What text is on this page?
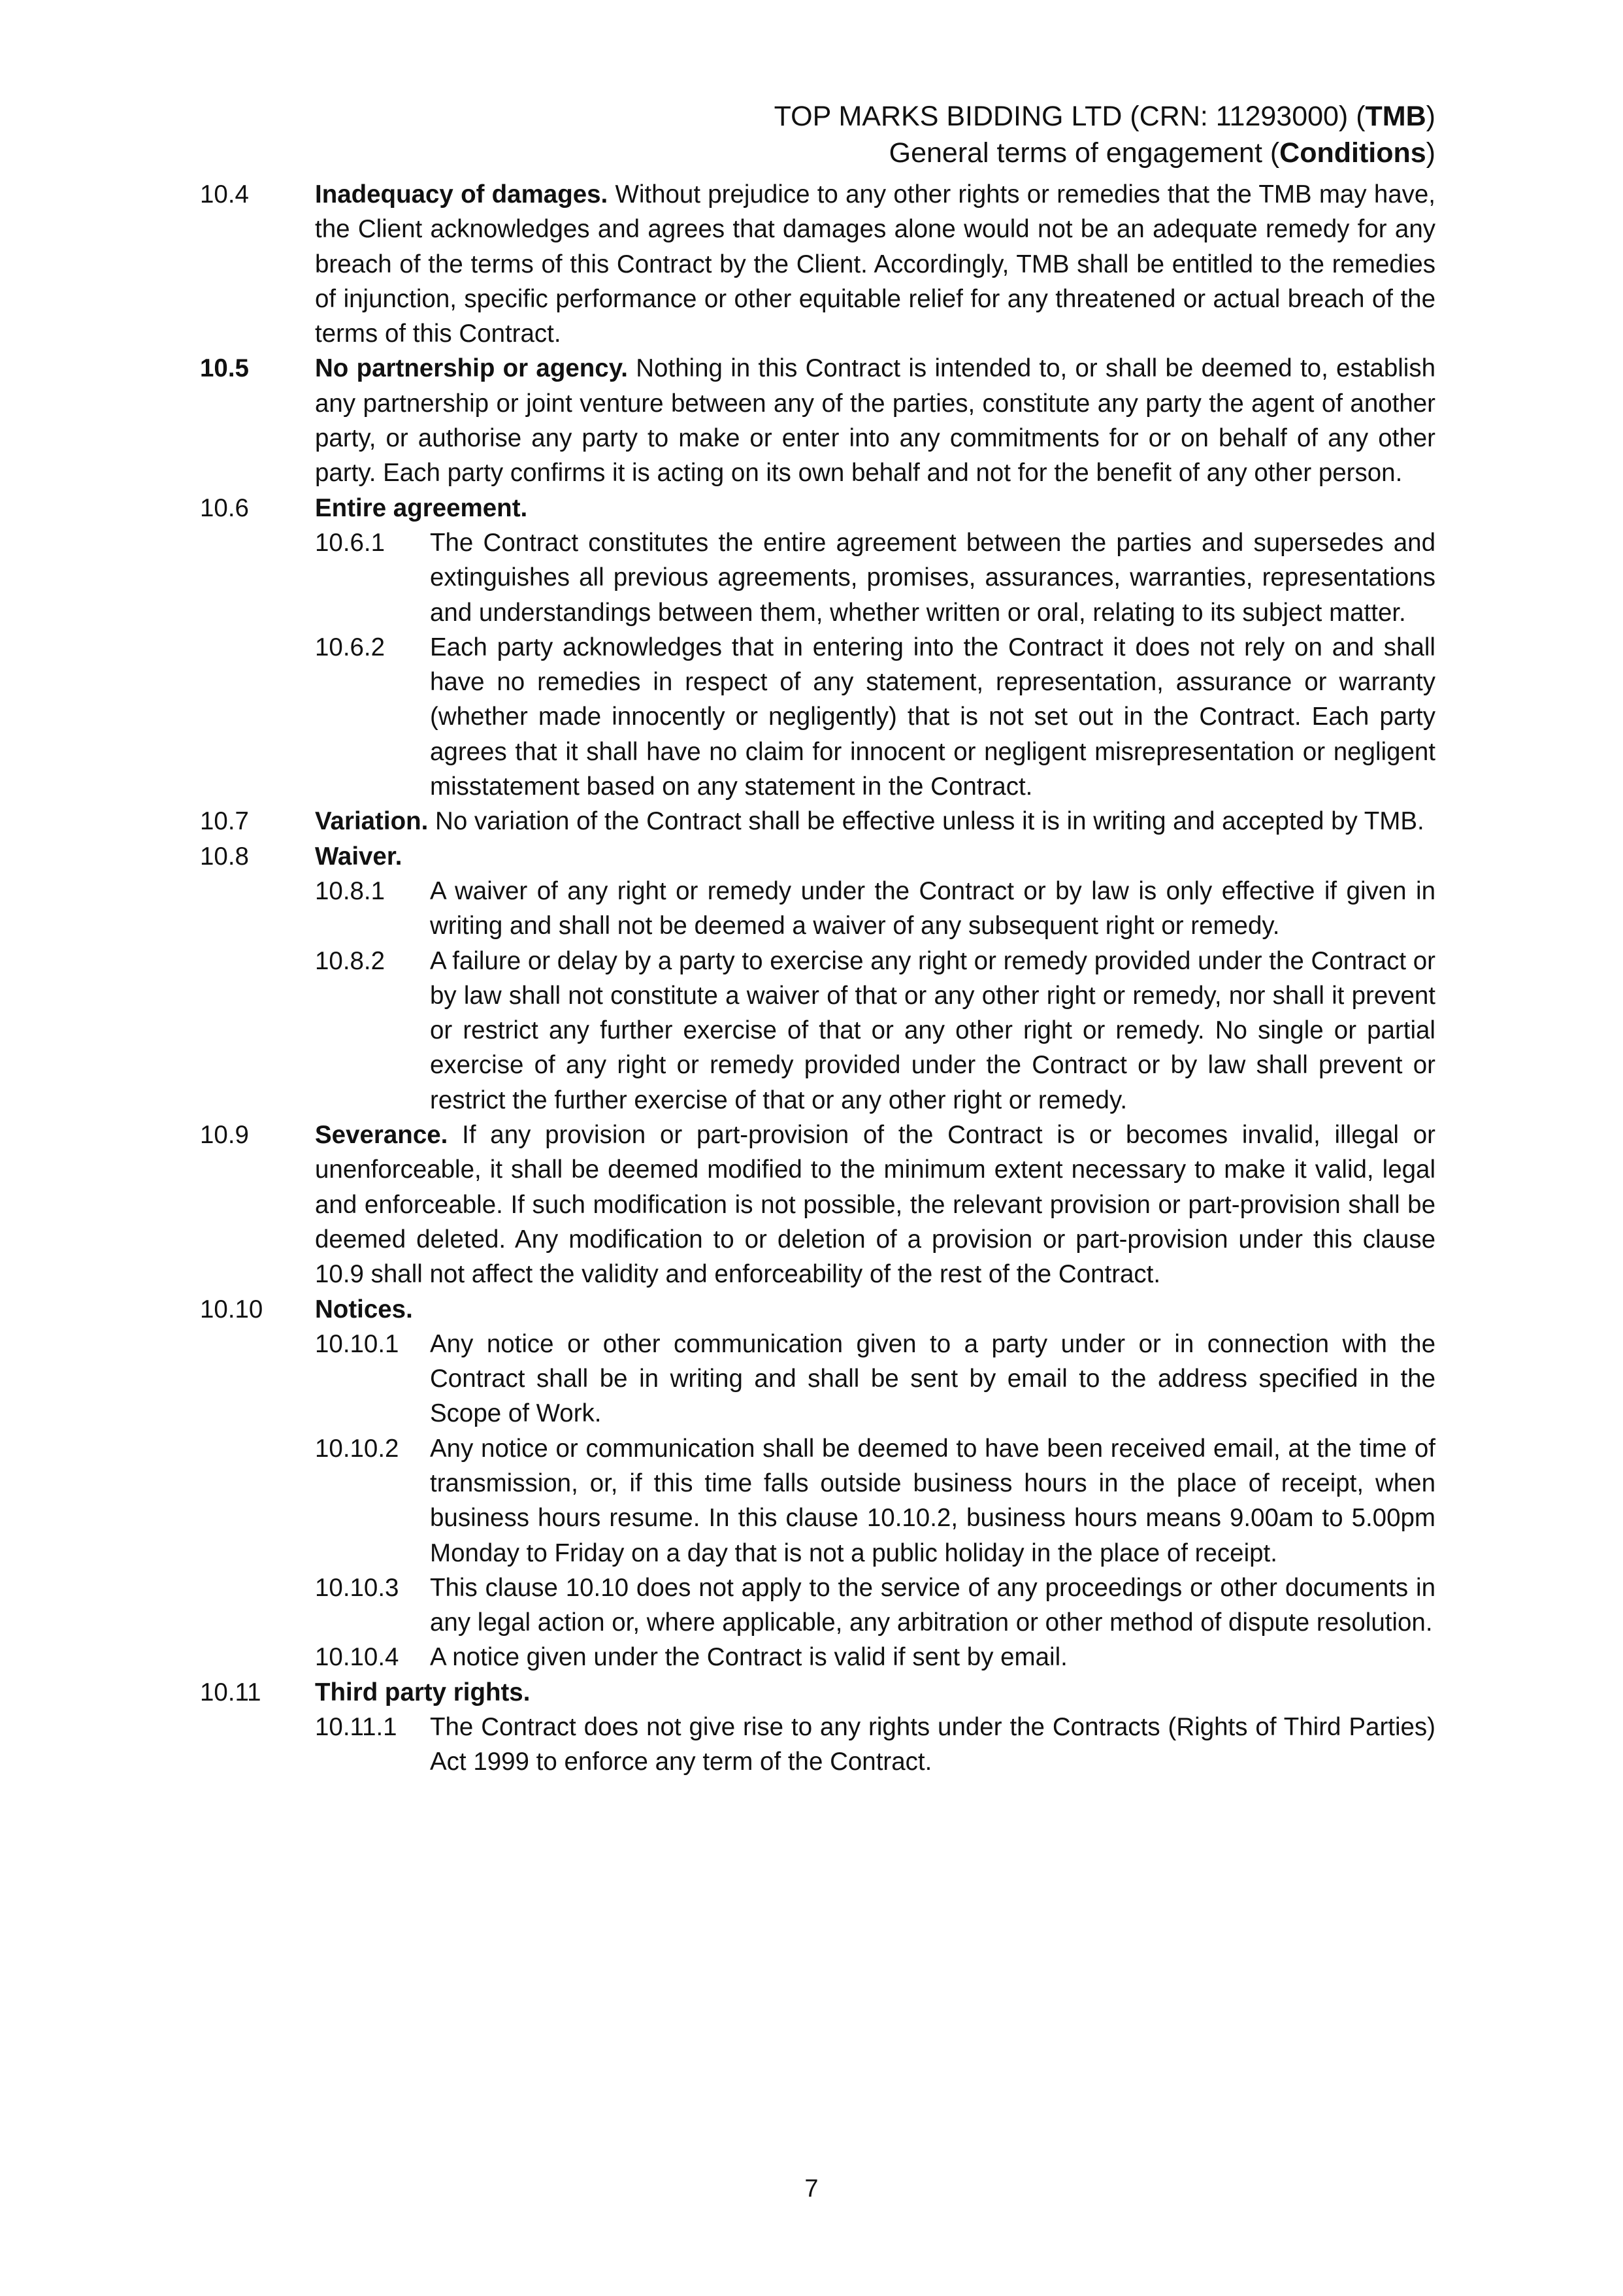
TOP MARKS BIDDING LTD (CRN: 11293000) (TMB)
General terms of engagement (Conditions)
10.4	Inadequacy of damages. Without prejudice to any other rights or remedies that the TMB may have, the Client acknowledges and agrees that damages alone would not be an adequate remedy for any breach of the terms of this Contract by the Client. Accordingly, TMB shall be entitled to the remedies of injunction, specific performance or other equitable relief for any threatened or actual breach of the terms of this Contract.
10.5	No partnership or agency. Nothing in this Contract is intended to, or shall be deemed to, establish any partnership or joint venture between any of the parties, constitute any party the agent of another party, or authorise any party to make or enter into any commitments for or on behalf of any other party. Each party confirms it is acting on its own behalf and not for the benefit of any other person.
10.6	Entire agreement.
10.6.1	The Contract constitutes the entire agreement between the parties and supersedes and extinguishes all previous agreements, promises, assurances, warranties, representations and understandings between them, whether written or oral, relating to its subject matter.
10.6.2	Each party acknowledges that in entering into the Contract it does not rely on and shall have no remedies in respect of any statement, representation, assurance or warranty (whether made innocently or negligently) that is not set out in the Contract. Each party agrees that it shall have no claim for innocent or negligent misrepresentation or negligent misstatement based on any statement in the Contract.
10.7	Variation. No variation of the Contract shall be effective unless it is in writing and accepted by TMB.
10.8	Waiver.
10.8.1	A waiver of any right or remedy under the Contract or by law is only effective if given in writing and shall not be deemed a waiver of any subsequent right or remedy.
10.8.2	A failure or delay by a party to exercise any right or remedy provided under the Contract or by law shall not constitute a waiver of that or any other right or remedy, nor shall it prevent or restrict any further exercise of that or any other right or remedy. No single or partial exercise of any right or remedy provided under the Contract or by law shall prevent or restrict the further exercise of that or any other right or remedy.
10.9	Severance. If any provision or part-provision of the Contract is or becomes invalid, illegal or unenforceable, it shall be deemed modified to the minimum extent necessary to make it valid, legal and enforceable. If such modification is not possible, the relevant provision or part-provision shall be deemed deleted. Any modification to or deletion of a provision or part-provision under this clause 10.9 shall not affect the validity and enforceability of the rest of the Contract.
10.10	Notices.
10.10.1	Any notice or other communication given to a party under or in connection with the Contract shall be in writing and shall be sent by email to the address specified in the Scope of Work.
10.10.2	Any notice or communication shall be deemed to have been received email, at the time of transmission, or, if this time falls outside business hours in the place of receipt, when business hours resume. In this clause 10.10.2, business hours means 9.00am to 5.00pm Monday to Friday on a day that is not a public holiday in the place of receipt.
10.10.3	This clause 10.10 does not apply to the service of any proceedings or other documents in any legal action or, where applicable, any arbitration or other method of dispute resolution.
10.10.4	A notice given under the Contract is valid if sent by email.
10.11	Third party rights.
10.11.1	The Contract does not give rise to any rights under the Contracts (Rights of Third Parties) Act 1999 to enforce any term of the Contract.
7
